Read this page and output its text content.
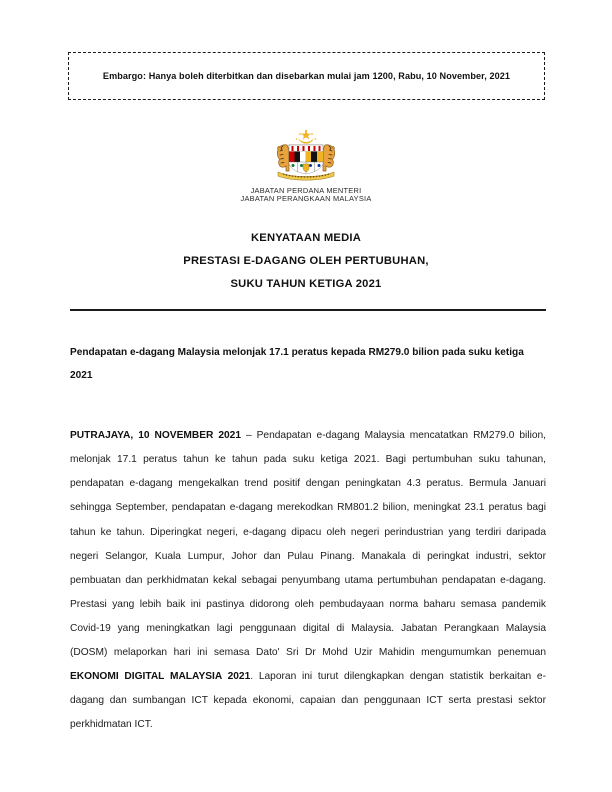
Embargo: Hanya boleh diterbitkan dan disebarkan mulai jam 1200, Rabu, 10 November, 2021
JABATAN PERDANA MENTERI
JABATAN PERANGKAAN MALAYSIA
KENYATAAN MEDIA
PRESTASI E-DAGANG OLEH PERTUBUHAN,
SUKU TAHUN KETIGA 2021
Pendapatan e-dagang Malaysia melonjak 17.1 peratus kepada RM279.0 bilion pada suku ketiga 2021

PUTRAJAYA, 10 NOVEMBER 2021 – Pendapatan e-dagang Malaysia mencatatkan RM279.0 bilion, melonjak 17.1 peratus tahun ke tahun pada suku ketiga 2021. Bagi pertumbuhan suku tahunan, pendapatan e-dagang mengekalkan trend positif dengan peningkatan 4.3 peratus. Bermula Januari sehingga September, pendapatan e-dagang merekodkan RM801.2 bilion, meningkat 23.1 peratus bagi tahun ke tahun. Diperingkat negeri, e-dagang dipacu oleh negeri perindustrian yang terdiri daripada negeri Selangor, Kuala Lumpur, Johor dan Pulau Pinang. Manakala di peringkat industri, sektor pembuatan dan perkhidmatan kekal sebagai penyumbang utama pertumbuhan pendapatan e-dagang. Prestasi yang lebih baik ini pastinya didorong oleh pembudayaan norma baharu semasa pandemik Covid-19 yang meningkatkan lagi penggunaan digital di Malaysia. Jabatan Perangkaan Malaysia (DOSM) melaporkan hari ini semasa Dato' Sri Dr Mohd Uzir Mahidin mengumumkan penemuan EKONOMI DIGITAL MALAYSIA 2021. Laporan ini turut dilengkapkan dengan statistik berkaitan e-dagang dan sumbangan ICT kepada ekonomi, capaian dan penggunaan ICT serta prestasi sektor perkhidmatan ICT.
